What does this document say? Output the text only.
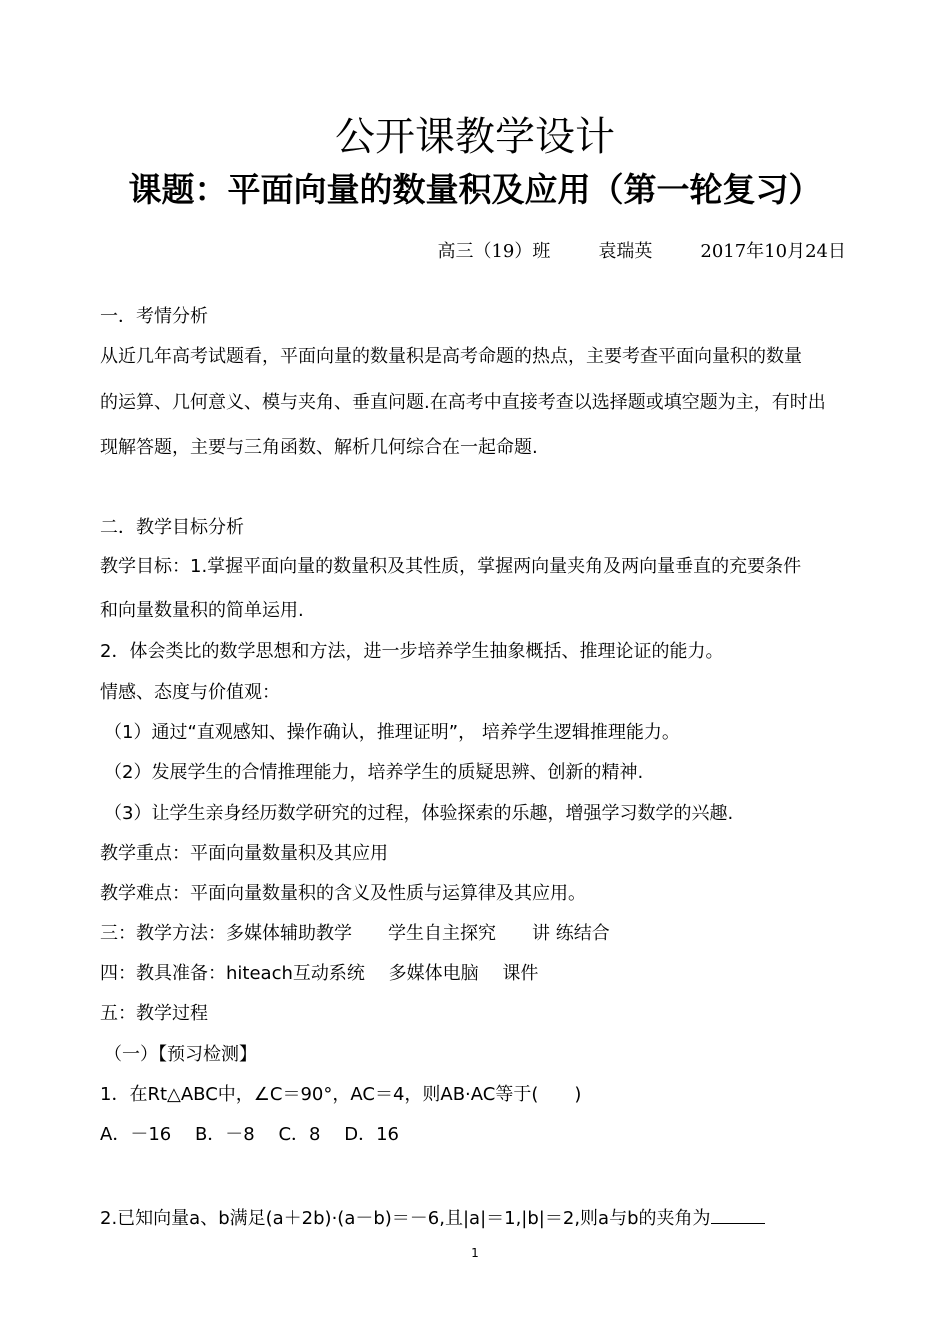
公开课教学设计
课题：平面向量的数量积及应用（第一轮复习）
高三（19）班	袁瑞英	2017年10月24日
一．考情分析
从近几年高考试题看，平面向量的数量积是高考命题的热点，主要考查平面向量积的数量
的运算、几何意义、模与夹角、垂直问题.在高考中直接考查以选择题或填空题为主，有时出
现解答题，主要与三角函数、解析几何综合在一起命题.
二．教学目标分析
教学目标：1.掌握平面向量的数量积及其性质，掌握两向量夹角及两向量垂直的充要条件
和向量数量积的简单运用.
2．体会类比的数学思想和方法，进一步培养学生抽象概括、推理论证的能力。
情感、态度与价值观：
（1）通过“直观感知、操作确认，推理证明”， 培养学生逻辑推理能力。
（2）发展学生的合情推理能力，培养学生的质疑思辨、创新的精神.
（3）让学生亲身经历数学研究的过程，体验探索的乐趣，增强学习数学的兴趣.
教学重点：平面向量数量积及其应用
教学难点：平面向量数量积的含义及性质与运算律及其应用。
三：教学方法：多媒体辅助教学　　学生自主探究　　讲 练结合
四：教具准备：hiteach互动系统　 多媒体电脑　 课件
五：教学过程
（一）【预习检测】
1．在Rt△ABC中，∠C＝90°，AC＝4，则AB·AC等于(　　)
A．－16　 B．－8　 C．8　 D．16
2.已知向量a、b满足(a＋2b)·(a－b)＝－6,且|a|＝1,|b|＝2,则a与b的夹角为
1
